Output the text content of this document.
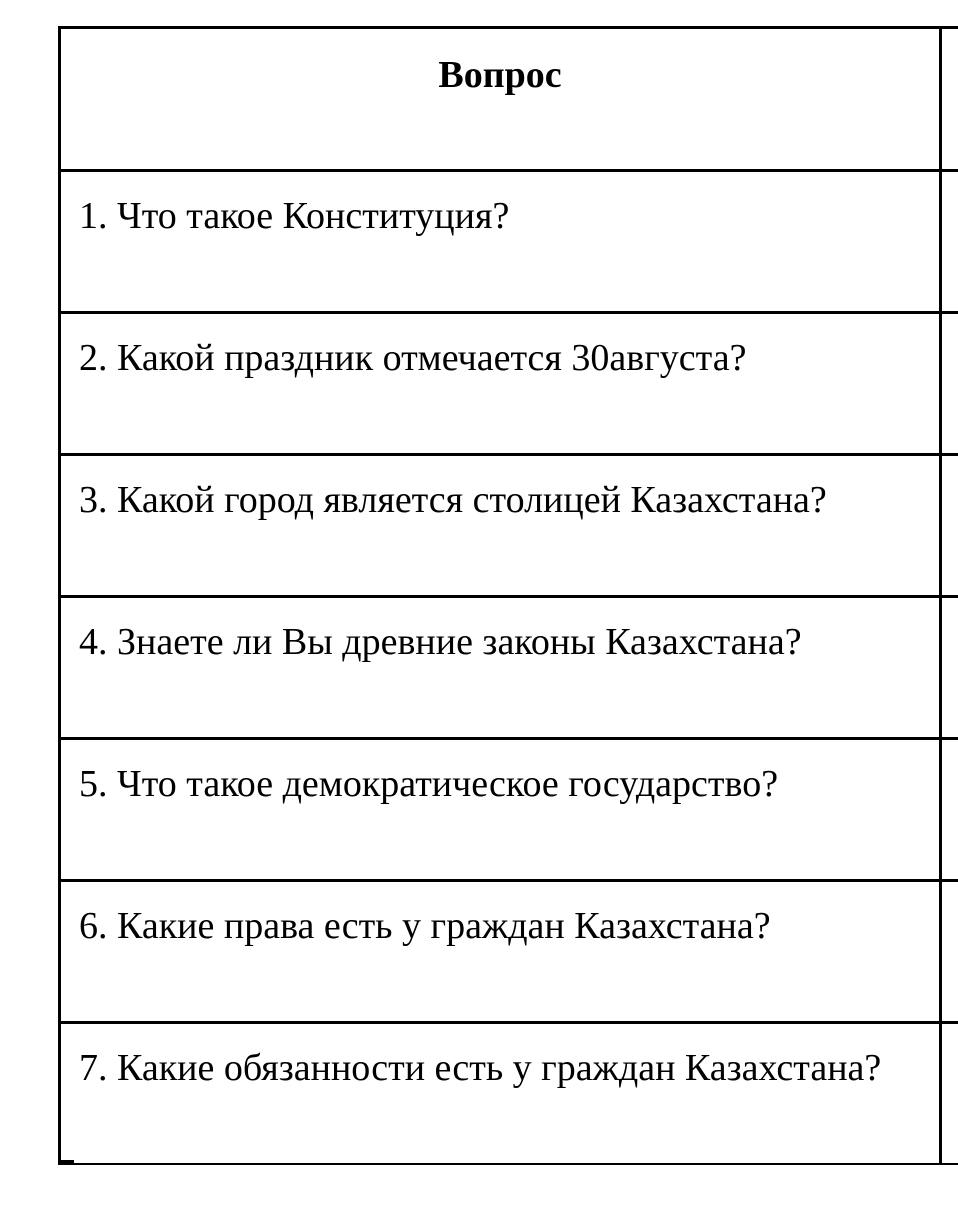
Вопрос
1. Что такое Конституция?
2. Какой праздник отмечается 30августа?
3. Какой город является столицей Казахстана?
4. Знаете ли Вы древние законы Казахстана?
5. Что такое демократическое государство?
6. Какие права есть у граждан Казахстана?
7. Какие обязанности есть у граждан Казахстана?
